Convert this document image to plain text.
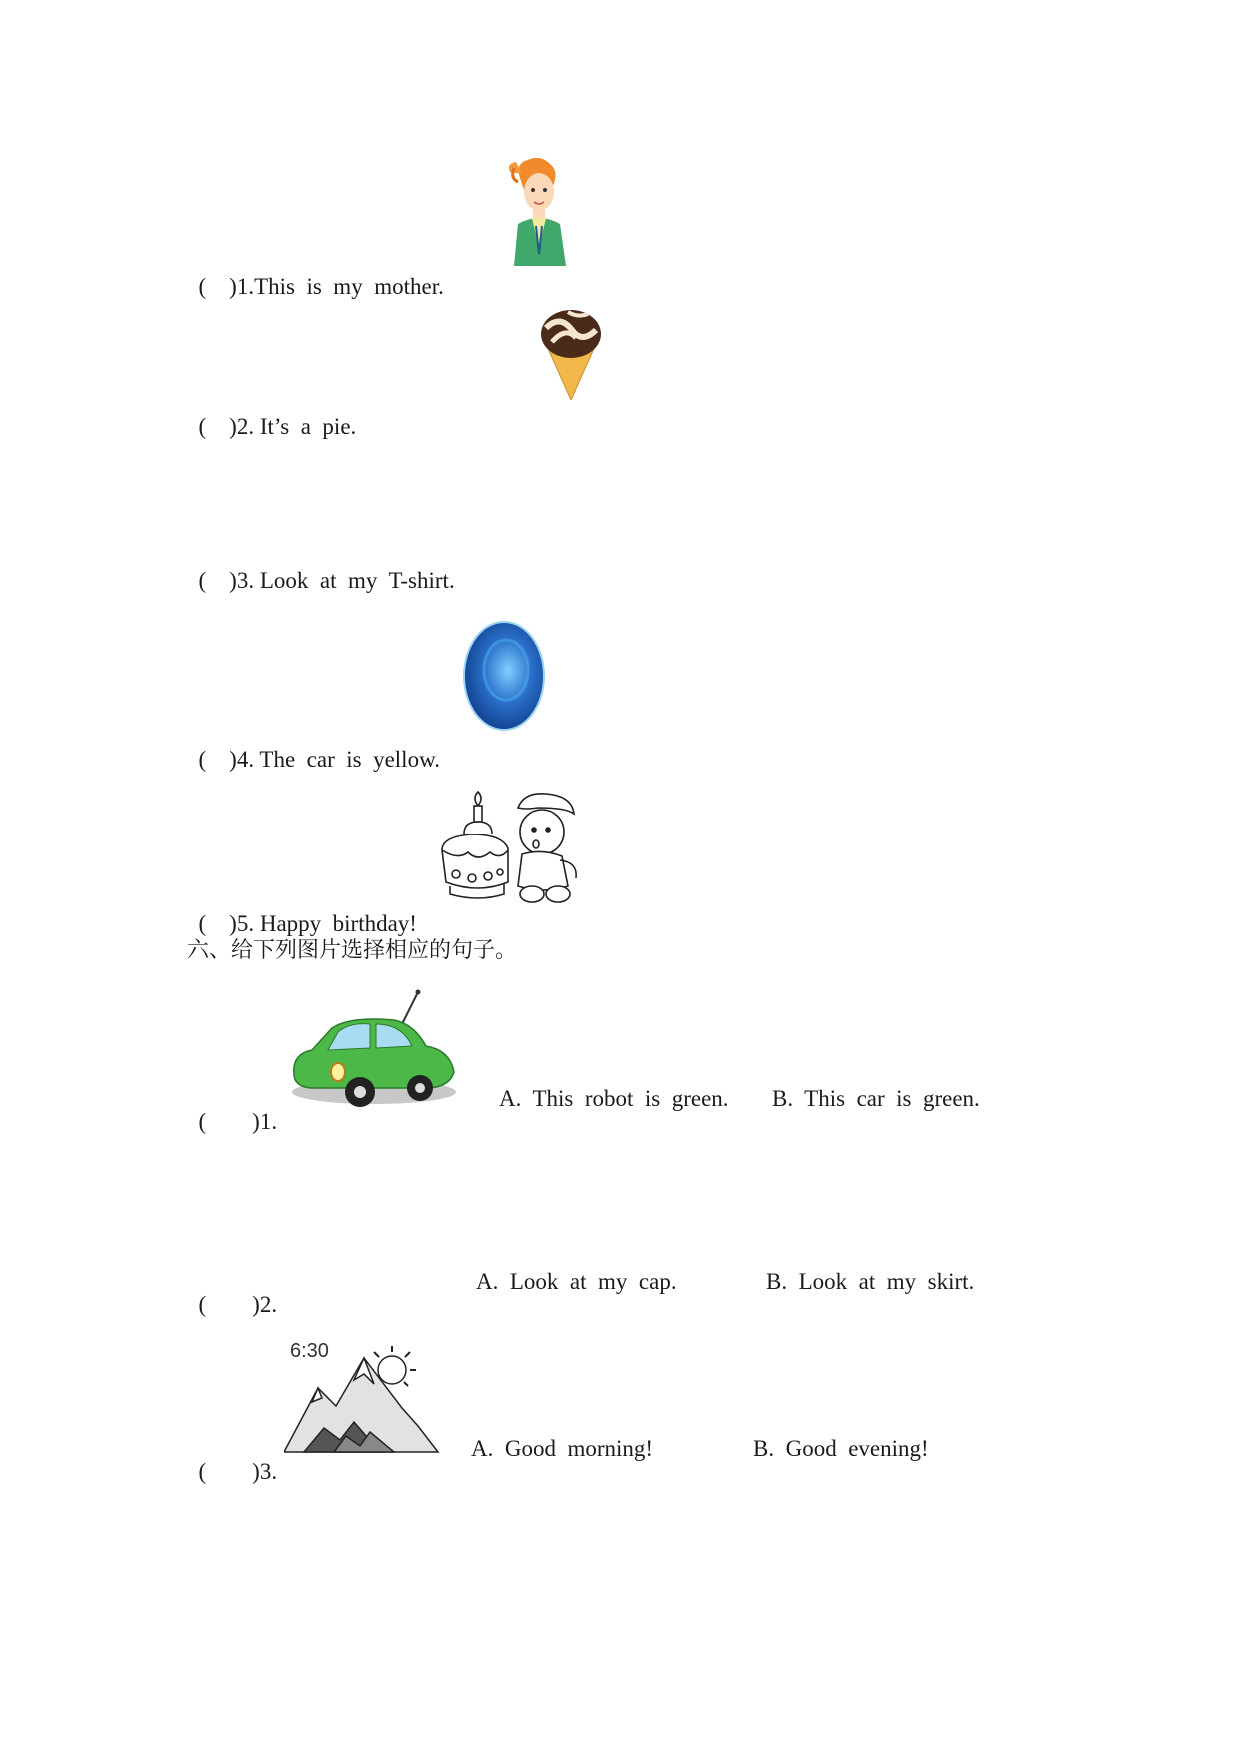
(    )1.This  is  my  mother.

(    )2. It’s  a  pie.

(    )3. Look  at  my  T-shirt.

(    )4. The  car  is  yellow.

(    )5. Happy  birthday!

六、给下列图片选择相应的句子。

(        )1.

A.  This  robot  is  green. B.  This  car  is  green.

(        )2.

A.  Look  at  my  cap.	B.  Look  at  my  skirt.

(        )3.

6:30
A.  Good  morning!	B.  Good  evening!
